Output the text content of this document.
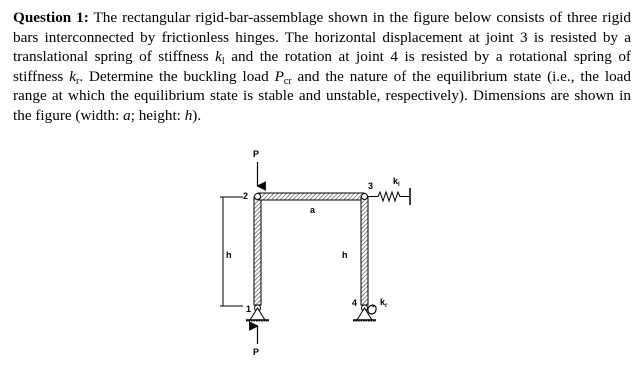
Question 1: The rectangular rigid-bar-assemblage shown in the figure below consists of three rigid bars interconnected by frictionless hinges. The horizontal displacement at joint 3 is resisted by a translational spring of stiffness $k_l$ and the rotation at joint 4 is resisted by a rotational spring of stiffness $k_r$. Determine the buckling load $P_{cr}$ and the nature of the equilibrium state (i.e., the load range at which the equilibrium state is stable and unstable, respectively). Dimensions are shown in the figure (width: a; height: h).
P
P
1
2
3
4
h	h
a
$k_l$
$k_r$
